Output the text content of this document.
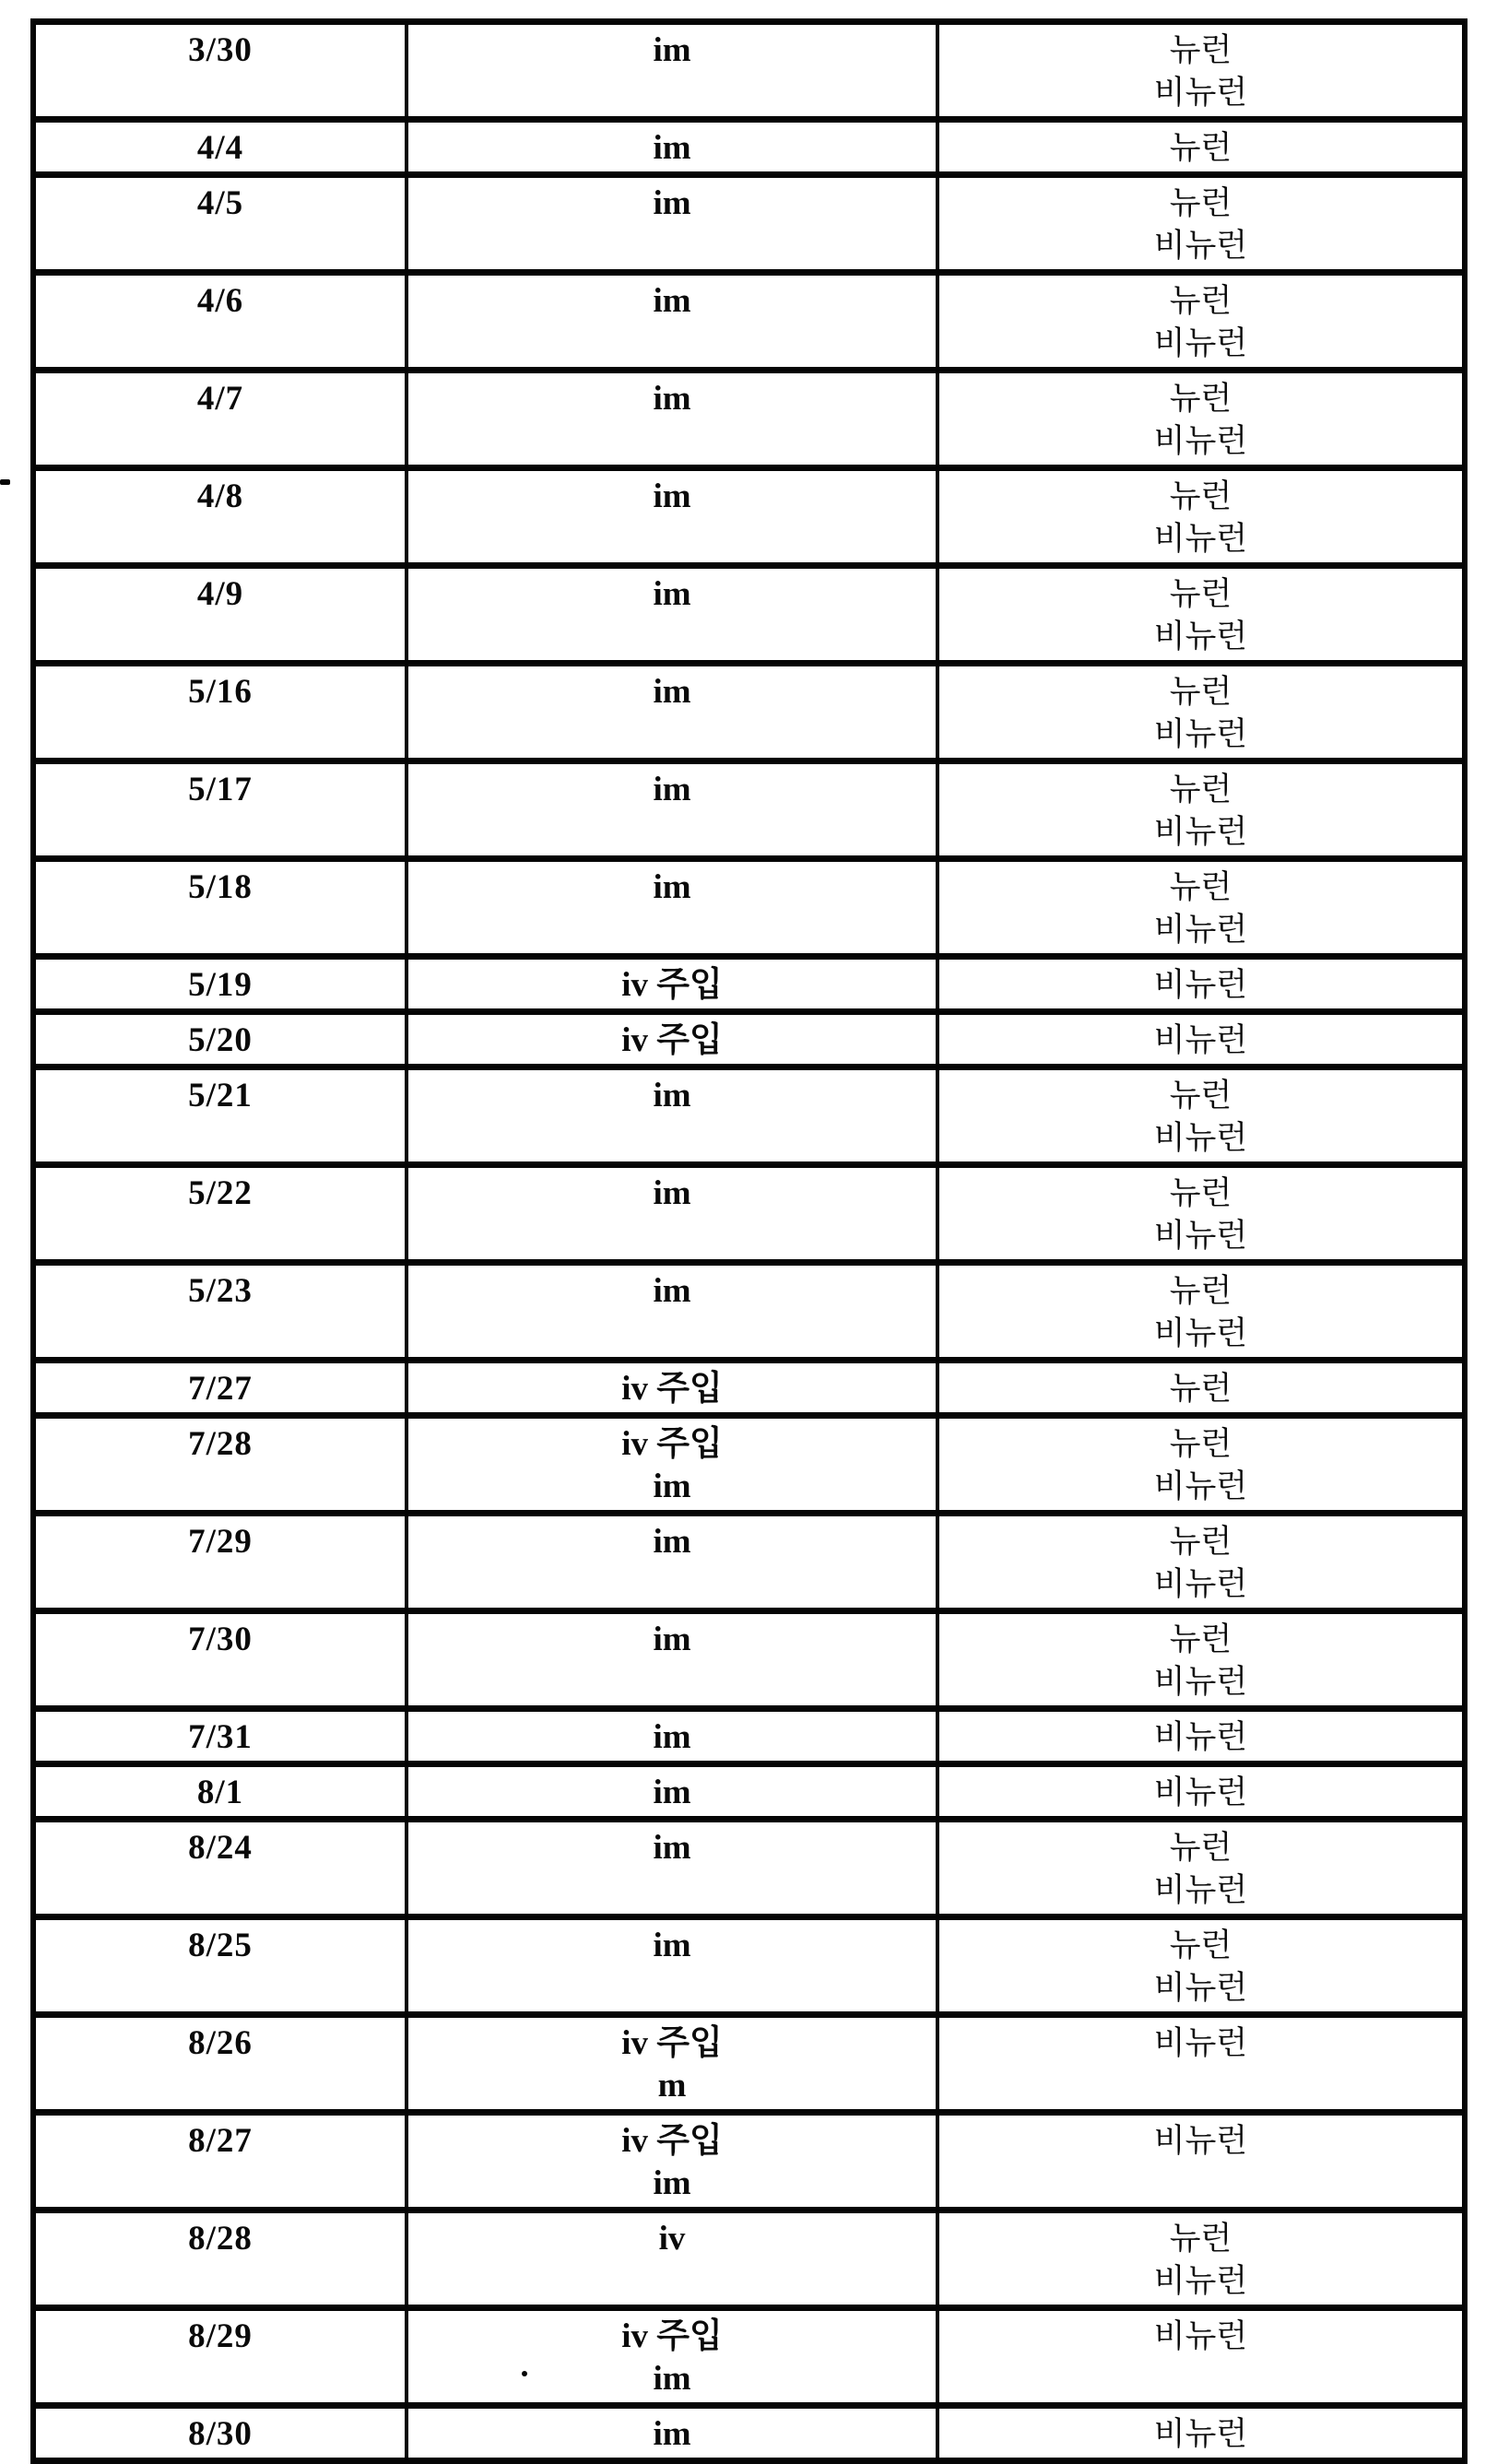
3/30	im	뉴런
비뉴런

4/4	im	뉴런

4/5	im	뉴런
비뉴런

4/6	im	뉴런
비뉴런

4/7	im	뉴런
비뉴런

4/8	im	뉴런
비뉴런

4/9	im	뉴런
비뉴런

5/16	im	뉴런
비뉴런

5/17	im	뉴런
비뉴런

5/18	im	뉴런
비뉴런

5/19	iv 주입	비뉴런

5/20	iv 주입	비뉴런

5/21	im	뉴런
비뉴런

5/22	im	뉴런
비뉴런

5/23	im	뉴런
비뉴런

7/27	iv 주입	뉴런

7/28	iv 주입
im	뉴런
비뉴런

7/29	im	뉴런
비뉴런

7/30	im	뉴런
비뉴런

7/31	im	비뉴런

8/1	im	비뉴런

8/24	im	뉴런
비뉴런

8/25	im	뉴런
비뉴런

8/26	iv 주입
m	비뉴런

8/27	iv 주입
im	비뉴런

8/28	iv	뉴런
비뉴런

8/29	iv 주입
im	비뉴런

8/30	im	비뉴런
